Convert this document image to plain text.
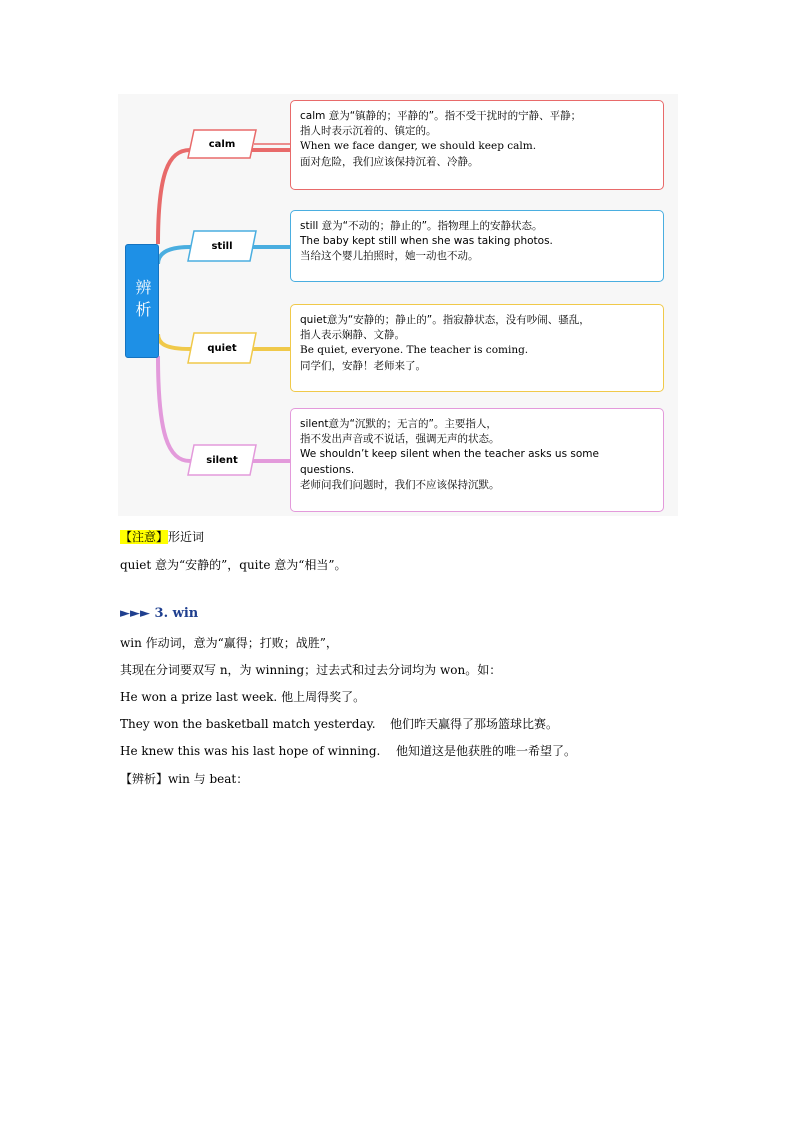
辨析
calm
still
quiet
silent
calm 意为“镇静的；平静的”。指不受干扰时的宁静、平静；
指人时表示沉着的、镇定的。
When we face danger, we should keep calm.
面对危险，我们应该保持沉着、冷静。
still 意为“不动的；静止的”。指物理上的安静状态。
The baby kept still when she was taking photos.
当给这个婴儿拍照时，她一动也不动。
quiet意为“安静的；静止的”。指寂静状态，没有吵闹、骚乱，
指人表示娴静、文静。
Be quiet, everyone. The teacher is coming.
同学们，安静！老师来了。
silent意为“沉默的；无言的”。主要指人，
指不发出声音或不说话，强调无声的状态。
We shouldn’t keep silent when the teacher asks us some
questions.
老师问我们问题时，我们不应该保持沉默。
【注意】形近词
quiet 意为“安静的”，quite 意为“相当”。
►►► 3. win
win 作动词，意为“赢得；打败；战胜”，
其现在分词要双写 n，为 winning；过去式和过去分词均为 won。如：
He won a prize last week. 他上周得奖了。
They won the basketball match yesterday. 他们昨天赢得了那场篮球比赛。
He knew this was his last hope of winning. 他知道这是他获胜的唯一希望了。
【辨析】win 与 beat：
